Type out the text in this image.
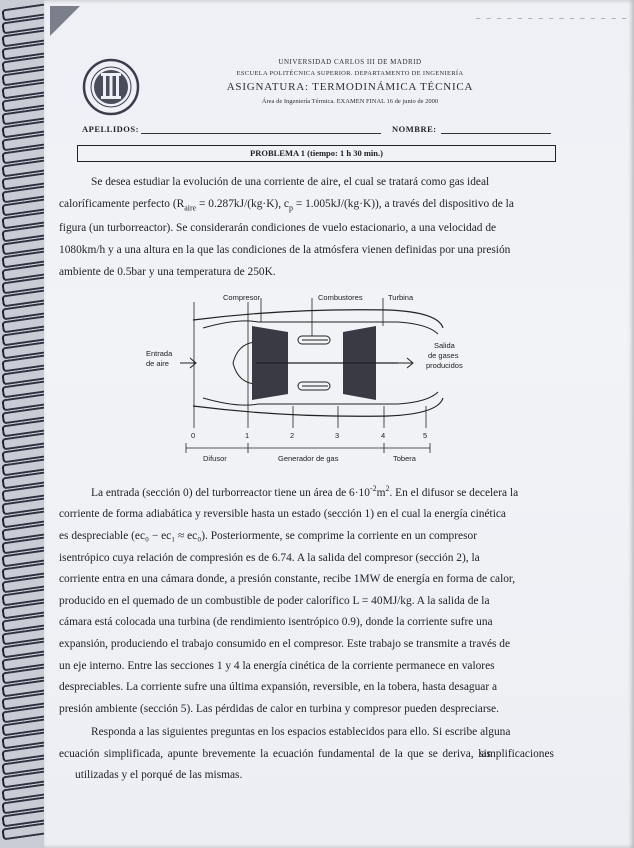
— — — — — — — — — — — — — — —
UNIVERSIDAD CARLOS III DE MADRID
ESCUELA POLITÉCNICA SUPERIOR. DEPARTAMENTO DE INGENIERÍA
ASIGNATURA: TERMODINÁMICA TÉCNICA
Área de Ingeniería Térmica. EXAMEN FINAL 16 de junio de 2000
APELLIDOS:	NOMBRE:
PROBLEMA 1 (tiempo: 1 h 30 min.)
Se desea estudiar la evolución de una corriente de aire, el cual se tratará como gas ideal
caloríficamente perfecto ($R_{aire} = 0.287kJ/(kg\cdot K)$, $c_p = 1.005kJ/(kg\cdot K)$), a través del dispositivo de la

figura (un turborreactor). Se considerarán condiciones de vuelo estacionario, a una velocidad de
1080km/h y a una altura en la que las condiciones de la atmósfera vienen definidas por una presión
ambiente de 0.5bar y una temperatura de 250K.
Compresor	Combustores	Turbina
Entrada
de aire
Salida
de gases
producidos
0	1	2	3	4	5
Difusor	Generador de gas	Tobera
La entrada (sección 0) del turborreactor tiene un área de $6\cdot 10^{-2}m^2$. En el difusor se decelera la

corriente de forma adiabática y reversible hasta un estado (sección 1) en el cual la energía cinética
es despreciable (ec₀ − ec₁ ≈ ec₀). Posteriormente, se comprime la corriente en un compresor
isentrópico cuya relación de compresión es de 6.74. A la salida del compresor (sección 2), la
corriente entra en una cámara donde, a presión constante, recibe 1MW de energía en forma de calor,
producido en el quemado de un combustible de poder calorífico L = 40MJ/kg. A la salida de la
cámara está colocada una turbina (de rendimiento isentrópico 0.9), donde la corriente sufre una
expansión, produciendo el trabajo consumido en el compresor. Este trabajo se transmite a través de
un eje interno. Entre las secciones 1 y 4 la energía cinética de la corriente permanece en valores
despreciables. La corriente sufre una última expansión, reversible, en la tobera, hasta desaguar a
presión ambiente (sección 5). Las pérdidas de calor en turbina y compresor pueden despreciarse.
Responda a las siguientes preguntas en los espacios establecidos para ello. Si escribe alguna
ecuación simplificada, apunte brevemente la ecuación fundamental de la que se deriva, las simplificaciones utilizadas y el porqué de las mismas.
